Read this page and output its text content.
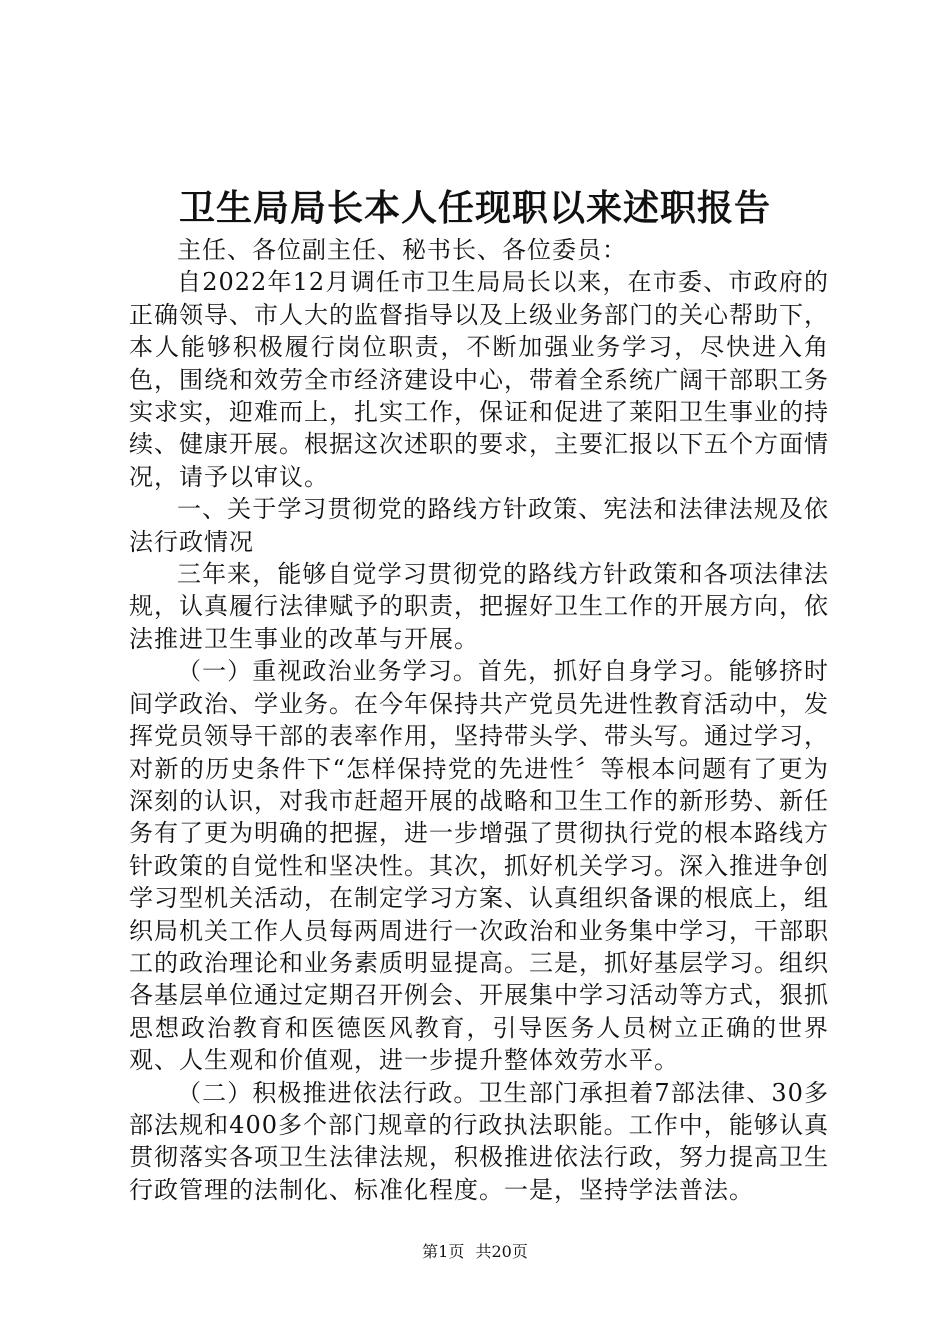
卫生局局长本人任现职以来述职报告

主任、各位副主任、秘书长、各位委员：

自2022年12月调任市卫生局局长以来，在市委、市政府的正确领导、市人大的监督指导以及上级业务部门的关心帮助下，本人能够积极履行岗位职责，不断加强业务学习，尽快进入角色，围绕和效劳全市经济建设中心，带着全系统广阔干部职工务实求实，迎难而上，扎实工作，保证和促进了莱阳卫生事业的持续、健康开展。根据这次述职的要求，主要汇报以下五个方面情况，请予以审议。

一、关于学习贯彻党的路线方针政策、宪法和法律法规及依法行政情况

三年来，能够自觉学习贯彻党的路线方针政策和各项法律法规，认真履行法律赋予的职责，把握好卫生工作的开展方向，依法推进卫生事业的改革与开展。

（一）重视政治业务学习。首先，抓好自身学习。能够挤时间学政治、学业务。在今年保持共产党员先进性教育活动中，发挥党员领导干部的表率作用，坚持带头学、带头写。通过学习，对新的历史条件下“怎样保持党的先进性〞等根本问题有了更为深刻的认识，对我市赶超开展的战略和卫生工作的新形势、新任务有了更为明确的把握，进一步增强了贯彻执行党的根本路线方针政策的自觉性和坚决性。其次，抓好机关学习。深入推进争创学习型机关活动，在制定学习方案、认真组织备课的根底上，组织局机关工作人员每两周进行一次政治和业务集中学习，干部职工的政治理论和业务素质明显提高。三是，抓好基层学习。组织各基层单位通过定期召开例会、开展集中学习活动等方式，狠抓思想政治教育和医德医风教育，引导医务人员树立正确的世界观、人生观和价值观，进一步提升整体效劳水平。

（二）积极推进依法行政。卫生部门承担着7部法律、30多部法规和400多个部门规章的行政执法职能。工作中，能够认真贯彻落实各项卫生法律法规，积极推进依法行政，努力提高卫生行政管理的法制化、标准化程度。一是，坚持学法普法。

第1页 共20页
